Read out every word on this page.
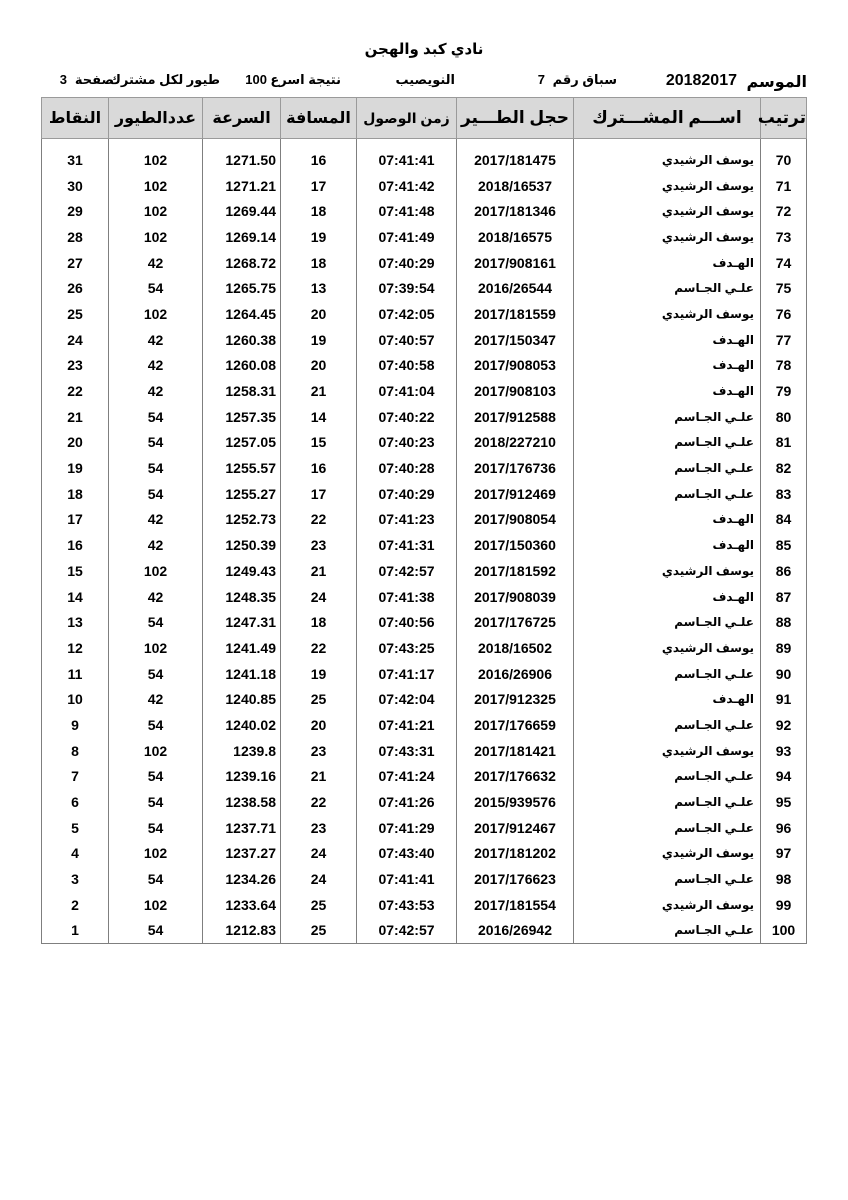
نادي كبد والهجن
الموسم
20182017
سباق رقم
7
النويصيب
نتيجة اسرع
100
طيور لكل مشترك
صفحة
3
ترتيب	اســـم المشـــترك	حجل الطـــير	زمن الوصول	المسافة	السرعة	عددالطيور	النقاط

70	يوسف الرشيدي	2017/181475	07:41:41	16	1271.50	102	31
71	يوسف الرشيدي	2018/16537	07:41:42	17	1271.21	102	30
72	يوسف الرشيدي	2017/181346	07:41:48	18	1269.44	102	29
73	يوسف الرشيدي	2018/16575	07:41:49	19	1269.14	102	28
74	الهـدف	2017/908161	07:40:29	18	1268.72	42	27
75	علـي الجـاسم	2016/26544	07:39:54	13	1265.75	54	26
76	يوسف الرشيدي	2017/181559	07:42:05	20	1264.45	102	25
77	الهـدف	2017/150347	07:40:57	19	1260.38	42	24
78	الهـدف	2017/908053	07:40:58	20	1260.08	42	23
79	الهـدف	2017/908103	07:41:04	21	1258.31	42	22
80	علـي الجـاسم	2017/912588	07:40:22	14	1257.35	54	21
81	علـي الجـاسم	2018/227210	07:40:23	15	1257.05	54	20
82	علـي الجـاسم	2017/176736	07:40:28	16	1255.57	54	19
83	علـي الجـاسم	2017/912469	07:40:29	17	1255.27	54	18
84	الهـدف	2017/908054	07:41:23	22	1252.73	42	17
85	الهـدف	2017/150360	07:41:31	23	1250.39	42	16
86	يوسف الرشيدي	2017/181592	07:42:57	21	1249.43	102	15
87	الهـدف	2017/908039	07:41:38	24	1248.35	42	14
88	علـي الجـاسم	2017/176725	07:40:56	18	1247.31	54	13
89	يوسف الرشيدي	2018/16502	07:43:25	22	1241.49	102	12
90	علـي الجـاسم	2016/26906	07:41:17	19	1241.18	54	11
91	الهـدف	2017/912325	07:42:04	25	1240.85	42	10
92	علـي الجـاسم	2017/176659	07:41:21	20	1240.02	54	9
93	يوسف الرشيدي	2017/181421	07:43:31	23	1239.8	102	8
94	علـي الجـاسم	2017/176632	07:41:24	21	1239.16	54	7
95	علـي الجـاسم	2015/939576	07:41:26	22	1238.58	54	6
96	علـي الجـاسم	2017/912467	07:41:29	23	1237.71	54	5
97	يوسف الرشيدي	2017/181202	07:43:40	24	1237.27	102	4
98	علـي الجـاسم	2017/176623	07:41:41	24	1234.26	54	3
99	يوسف الرشيدي	2017/181554	07:43:53	25	1233.64	102	2
100	علـي الجـاسم	2016/26942	07:42:57	25	1212.83	54	1
